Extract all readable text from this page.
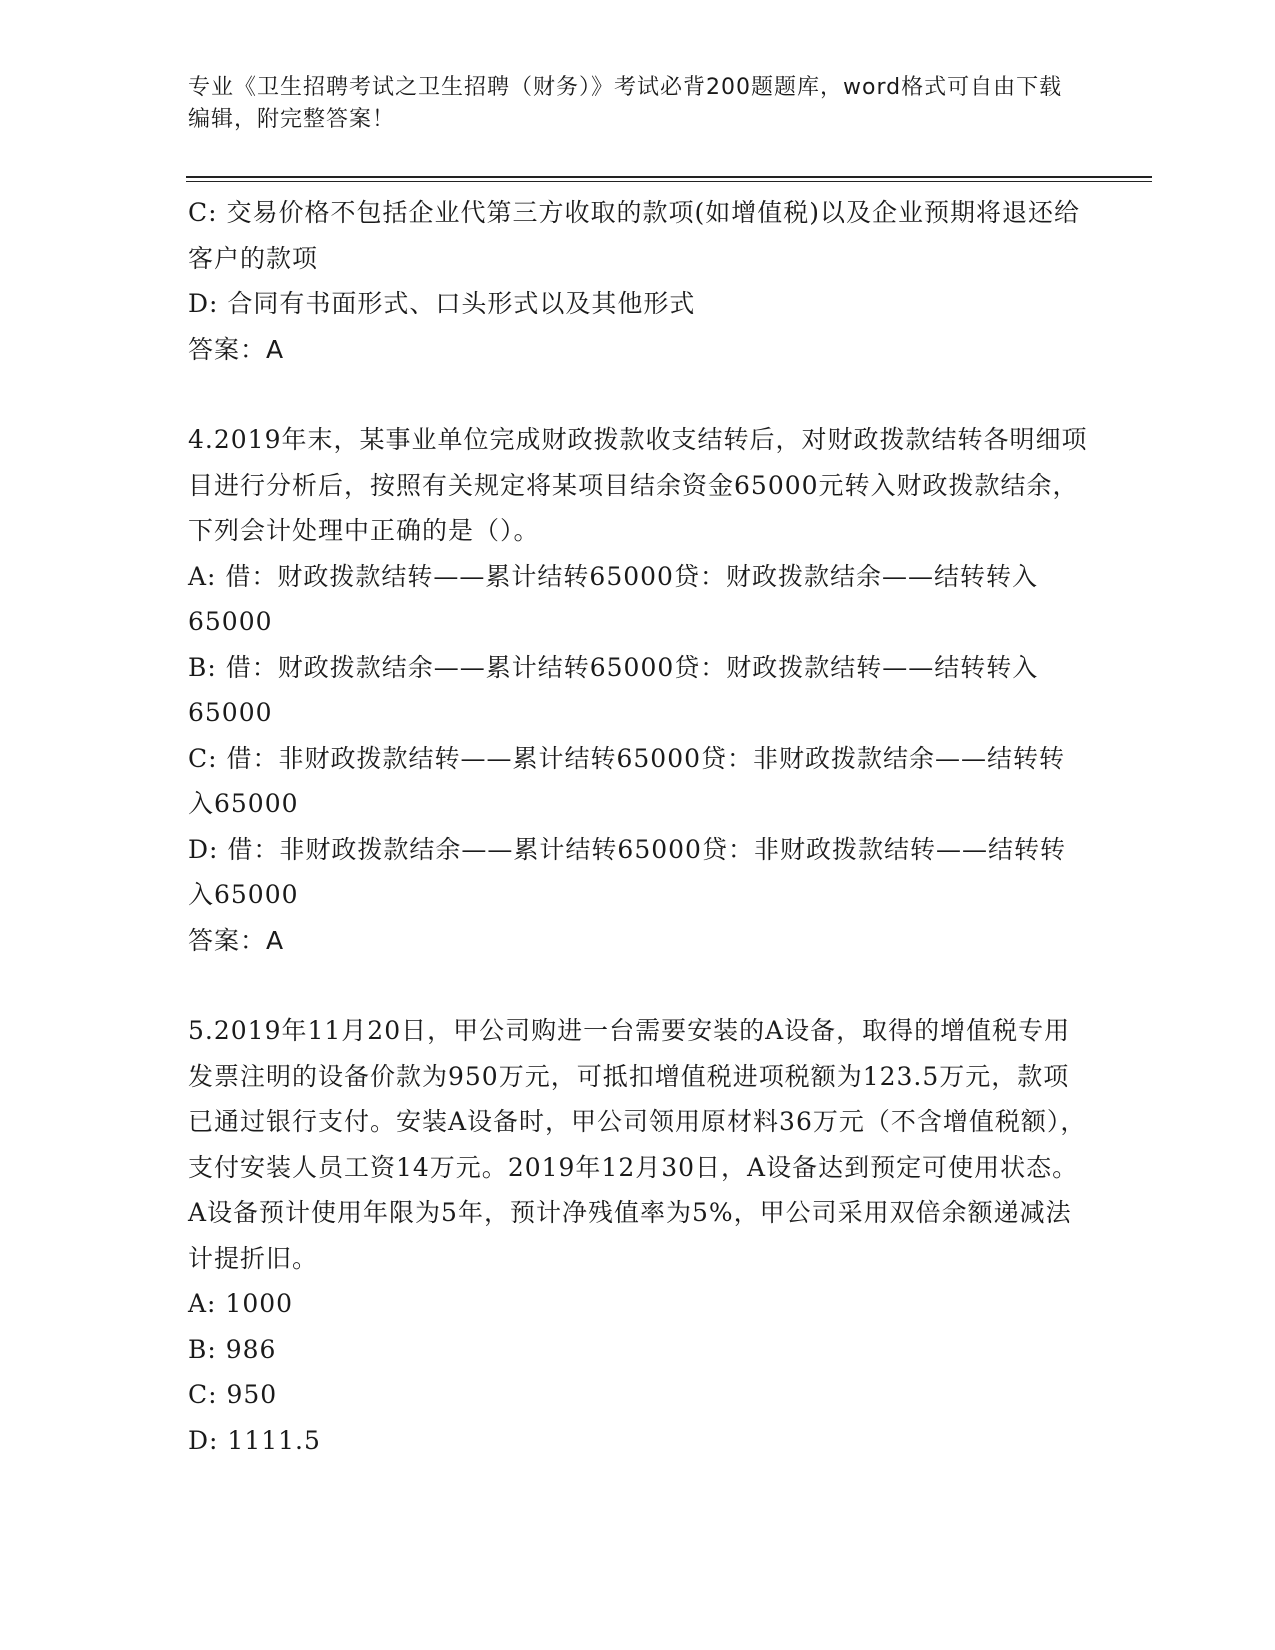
专业《卫生招聘考试之卫生招聘（财务）》考试必背200题题库，word格式可自由下载编辑，附完整答案！

C: 交易价格不包括企业代第三方收取的款项(如增值税)以及企业预期将退还给客户的款项

D: 合同有书面形式、口头形式以及其他形式

答案：A

4.2019年末，某事业单位完成财政拨款收支结转后，对财政拨款结转各明细项目进行分析后，按照有关规定将某项目结余资金65000元转入财政拨款结余，下列会计处理中正确的是（）。

A: 借：财政拨款结转——累计结转65000贷：财政拨款结余——结转转入65000

B: 借：财政拨款结余——累计结转65000贷：财政拨款结转——结转转入65000

C: 借：非财政拨款结转——累计结转65000贷：非财政拨款结余——结转转入65000

D: 借：非财政拨款结余——累计结转65000贷：非财政拨款结转——结转转入65000

答案：A

5.2019年11月20日，甲公司购进一台需要安装的A设备，取得的增值税专用发票注明的设备价款为950万元，可抵扣增值税进项税额为123.5万元，款项已通过银行支付。安装A设备时，甲公司领用原材料36万元（不含增值税额），支付安装人员工资14万元。2019年12月30日，A设备达到预定可使用状态。A设备预计使用年限为5年，预计净残值率为5%，甲公司采用双倍余额递减法计提折旧。

A: 1000

B: 986

C: 950

D: 1111.5
